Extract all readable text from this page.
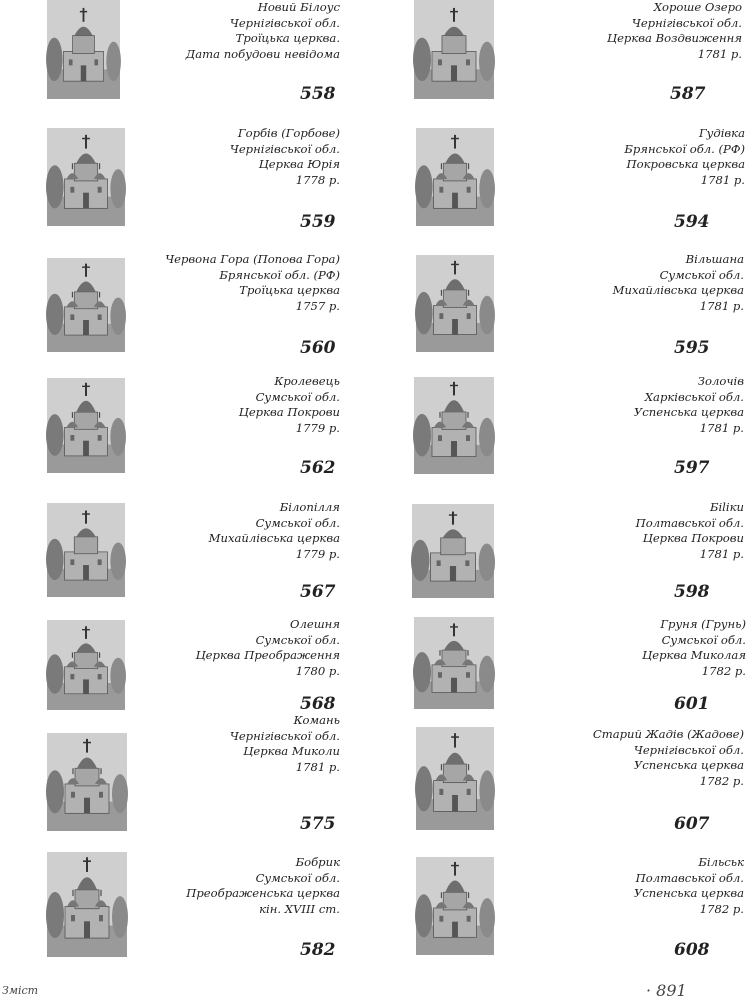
Новий Білоус
Чернігівської обл.
Троїцька церква.
Дата побудови невідома
558
Горбів (Горбове)
Чернігівської обл.
Церква Юрія
1778 р.
559
Червона Гора (Попова Гора)
Брянської обл. (РФ)
Троїцька церква
1757 р.
560
Кролевець
Сумської обл.
Церква Покрови
1779 р.
562
Білопілля
Сумської обл.
Михайлівська церква
1779 р.
567
Олешня
Сумської обл.
Церква Преображення
1780 р.
568
Комань
Чернігівської обл.
Церква Миколи
1781 р.
575
Бобрик
Сумської обл.
Преображенська церква
кін. XVIII ст.
582
Хороше Озеро
Чернігівської обл.
Церква Воздвиження
1781 р.
587
Гудівка
Брянської обл. (РФ)
Покровська церква
1781 р.
594
Вільшана
Сумської обл.
Михайлівська церква
1781 р.
595
Золочів
Харківської обл.
Успенська церква
1781 р.
597
Біliки
Полтавської обл.
Церква Покрови
1781 р.
598
Груня (Грунь)
Сумської обл.
Церква Миколая
1782 р.
601
Старий Жадів (Жадове)
Чернігівської обл.
Успенська церква
1782 р.
607
Більськ
Полтавської обл.
Успенська церква
1782 р.
608
Зміст	· 891
